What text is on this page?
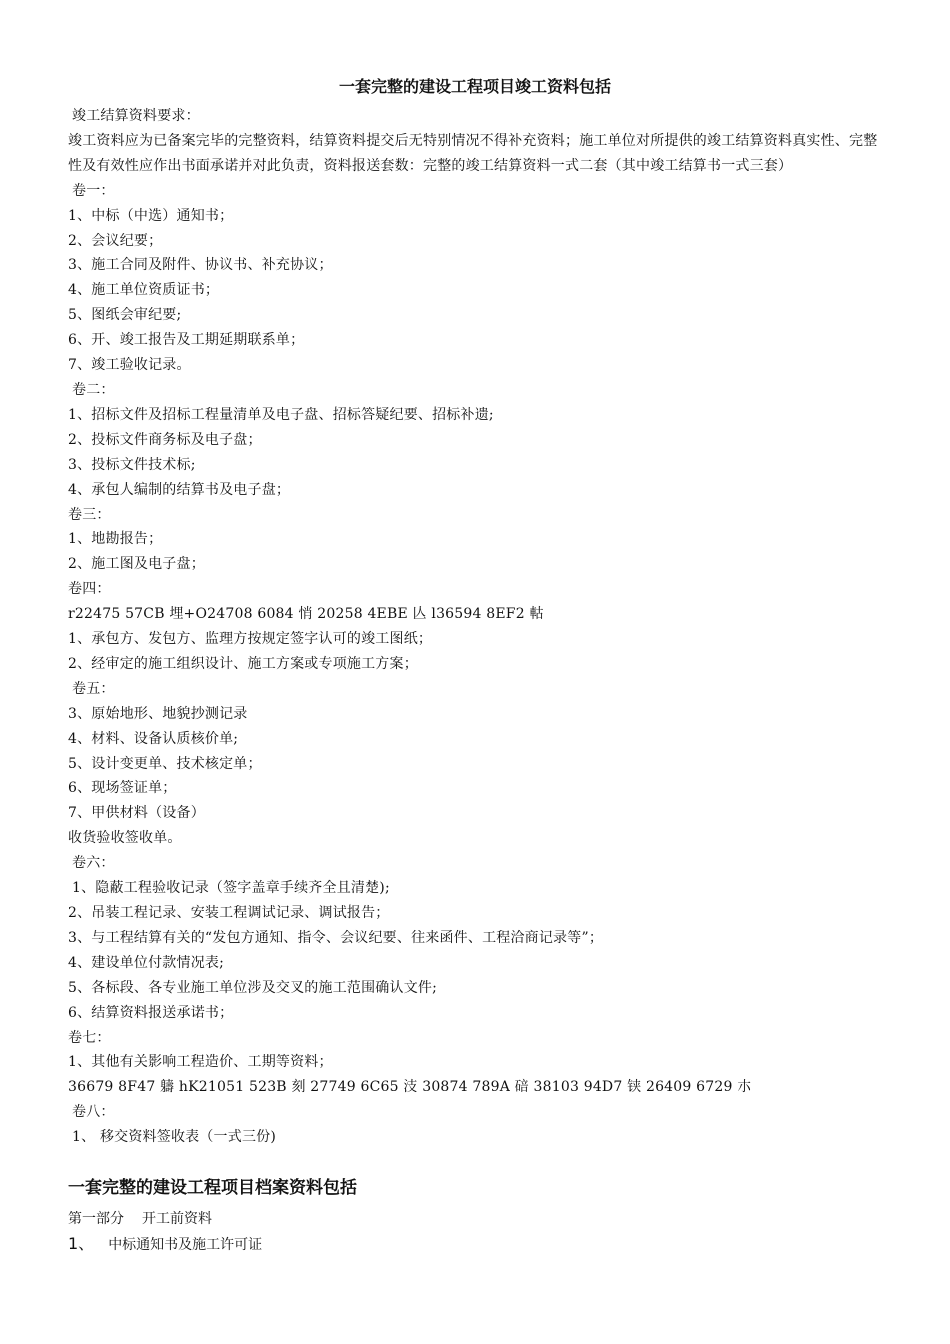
一套完整的建设工程项目竣工资料包括
竣工结算资料要求：
竣工资料应为已备案完毕的完整资料，结算资料提交后无特别情况不得补充资料；施工单位对所提供的竣工结算资料真实性、完整性及有效性应作出书面承诺并对此负责，资料报送套数：完整的竣工结算资料一式二套（其中竣工结算书一式三套）
卷一：
1、中标（中选）通知书；
2、会议纪要；
3、施工合同及附件、协议书、补充协议；
4、施工单位资质证书；
5、图纸会审纪要;
6、开、竣工报告及工期延期联系单；
7、竣工验收记录。
卷二：
1、招标文件及招标工程量清单及电子盘、招标答疑纪要、招标补遗;
2、投标文件商务标及电子盘；
3、投标文件技术标;
4、承包人编制的结算书及电子盘；
卷三：
1、地勘报告；
2、施工图及电子盘；
卷四：
r22475 57CB 埋+O24708 6084 悄 20258 4EBE 亾 l36594 8EF2 軲
1、承包方、发包方、监理方按规定签字认可的竣工图纸；
2、经审定的施工组织设计、施工方案或专项施工方案；
卷五：
3、原始地形、地貌抄测记录
4、材料、设备认质核价单;
5、设计变更单、技术核定单；
6、现场签证单；
7、甲供材料（设备）
收货验收签收单。
卷六：
1、隐蔽工程验收记录（签字盖章手续齐全且清楚);
2、吊装工程记录、安装工程调试记录、调试报告；
3、与工程结算有关的“发包方通知、指令、会议纪要、往来函件、工程洽商记录等”；
4、建设单位付款情况表;
5、各标段、各专业施工单位涉及交叉的施工范围确认文件;
6、结算资料报送承诺书；
卷七：
1、其他有关影响工程造价、工期等资料；
36679 8F47 軇 hK21051 523B 刻 27749 6C65 汥 30874 789A 碚 38103 94D7 铗 26409 6729 朩
卷八：
1、 移交资料签收表（一式三份)
一套完整的建设工程项目档案资料包括
第一部分 开工前资料
1、 中标通知书及施工许可证
